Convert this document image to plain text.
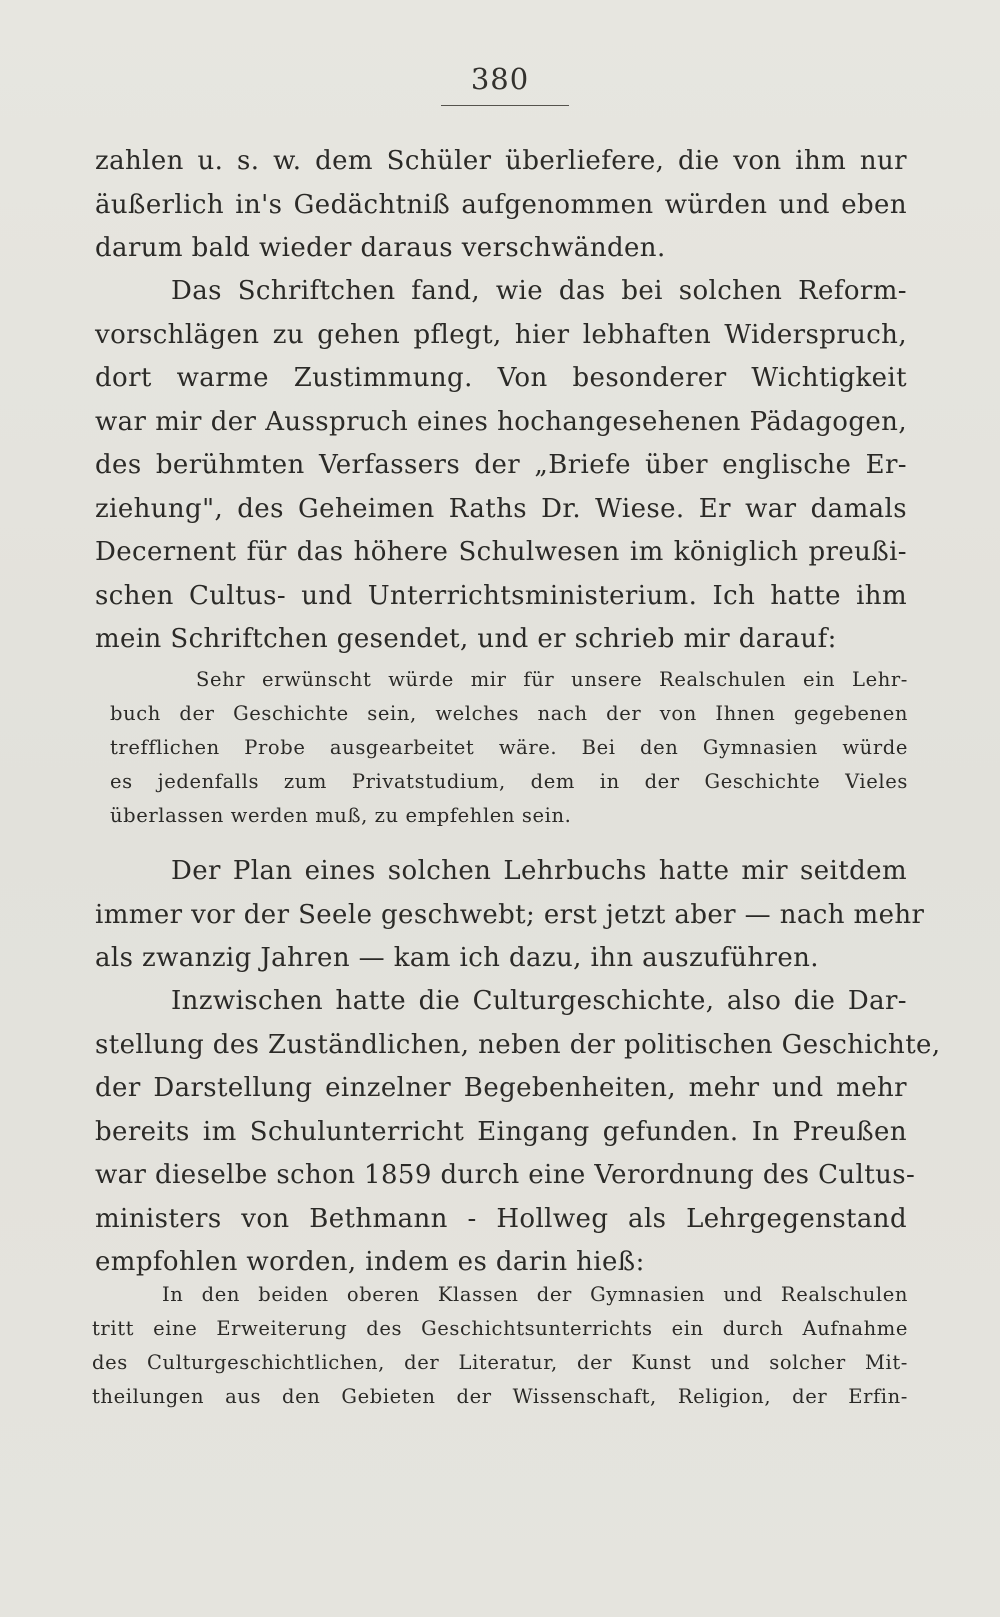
380
zahlen u. s. w. dem Schüler überliefere, die von ihm nur
äußerlich in's Gedächtniß aufgenommen würden und eben
darum bald wieder daraus verschwänden.
Das Schriftchen fand, wie das bei solchen Reform-
vorschlägen zu gehen pflegt, hier lebhaften Widerspruch,
dort warme Zustimmung. Von besonderer Wichtigkeit
war mir der Ausspruch eines hochangesehenen Pädagogen,
des berühmten Verfassers der „Briefe über englische Er-
ziehung", des Geheimen Raths Dr. Wiese. Er war damals
Decernent für das höhere Schulwesen im königlich preußi-
schen Cultus- und Unterrichtsministerium. Ich hatte ihm
mein Schriftchen gesendet, und er schrieb mir darauf:
Sehr erwünscht würde mir für unsere Realschulen ein Lehr-
buch der Geschichte sein, welches nach der von Ihnen gegebenen
trefflichen Probe ausgearbeitet wäre. Bei den Gymnasien würde
es jedenfalls zum Privatstudium, dem in der Geschichte Vieles
überlassen werden muß, zu empfehlen sein.
Der Plan eines solchen Lehrbuchs hatte mir seitdem
immer vor der Seele geschwebt; erst jetzt aber — nach mehr
als zwanzig Jahren — kam ich dazu, ihn auszuführen.
Inzwischen hatte die Culturgeschichte, also die Dar-
stellung des Zuständlichen, neben der politischen Geschichte,
der Darstellung einzelner Begebenheiten, mehr und mehr
bereits im Schulunterricht Eingang gefunden. In Preußen
war dieselbe schon 1859 durch eine Verordnung des Cultus-
ministers von Bethmann - Hollweg als Lehrgegenstand
empfohlen worden, indem es darin hieß:
In den beiden oberen Klassen der Gymnasien und Realschulen
tritt eine Erweiterung des Geschichtsunterrichts ein durch Aufnahme
des Culturgeschichtlichen, der Literatur, der Kunst und solcher Mit-
theilungen aus den Gebieten der Wissenschaft, Religion, der Erfin-
